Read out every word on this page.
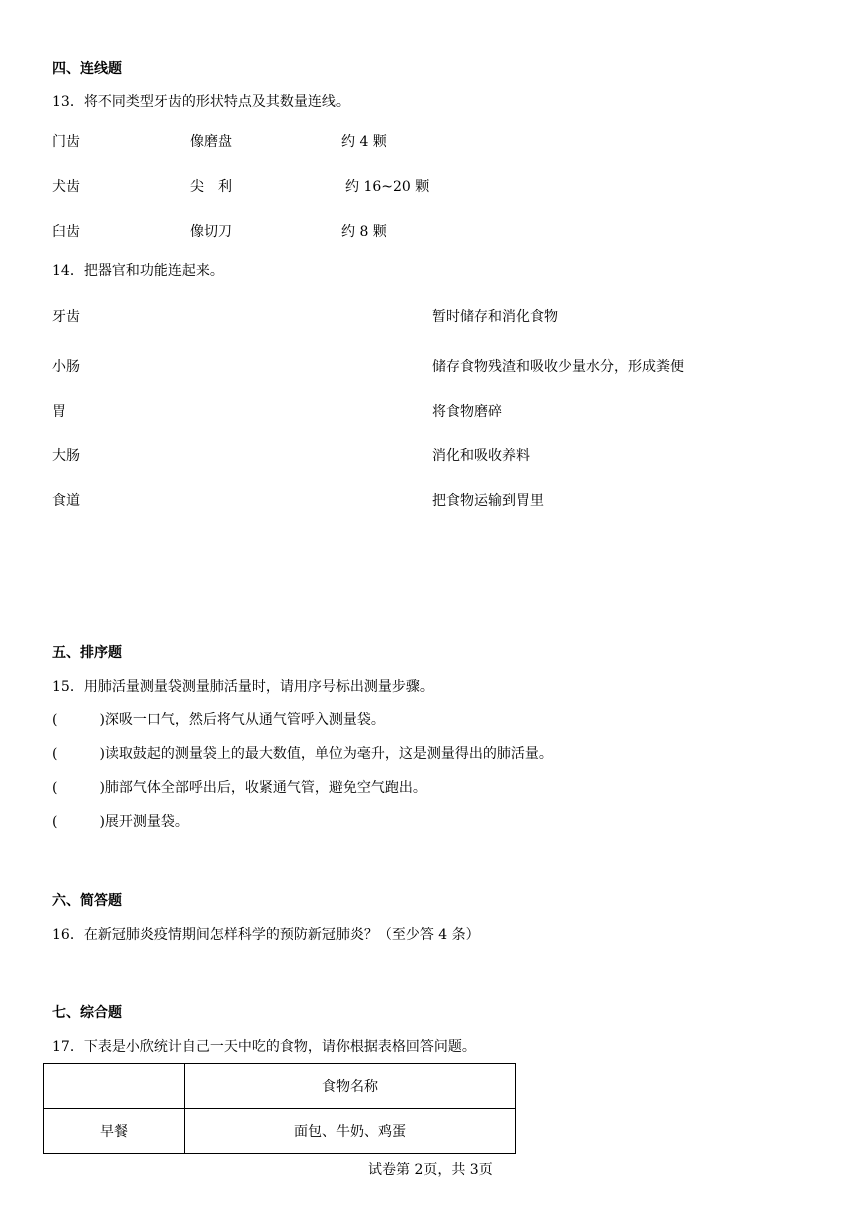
四、连线题
13．将不同类型牙齿的形状特点及其数量连线。
门齿	像磨盘	约 4 颗
犬齿	尖　利	约 16~20 颗
臼齿	像切刀	约 8 颗
14．把器官和功能连起来。
牙齿	暂时储存和消化食物
小肠	储存食物残渣和吸收少量水分，形成粪便
胃	将食物磨碎
大肠	消化和吸收养料
食道	把食物运输到胃里
五、排序题
15．用肺活量测量袋测量肺活量时，请用序号标出测量步骤。
(　　　)深吸一口气，然后将气从通气管呼入测量袋。
(　　　)读取鼓起的测量袋上的最大数值，单位为毫升，这是测量得出的肺活量。
(　　　)肺部气体全部呼出后，收紧通气管，避免空气跑出。
(　　　)展开测量袋。
六、简答题
16．在新冠肺炎疫情期间怎样科学的预防新冠肺炎？（至少答 4 条）
七、综合题
17．下表是小欣统计自己一天中吃的食物，请你根据表格回答问题。
	食物名称
早餐	面包、牛奶、鸡蛋
试卷第 2页，共 3页
